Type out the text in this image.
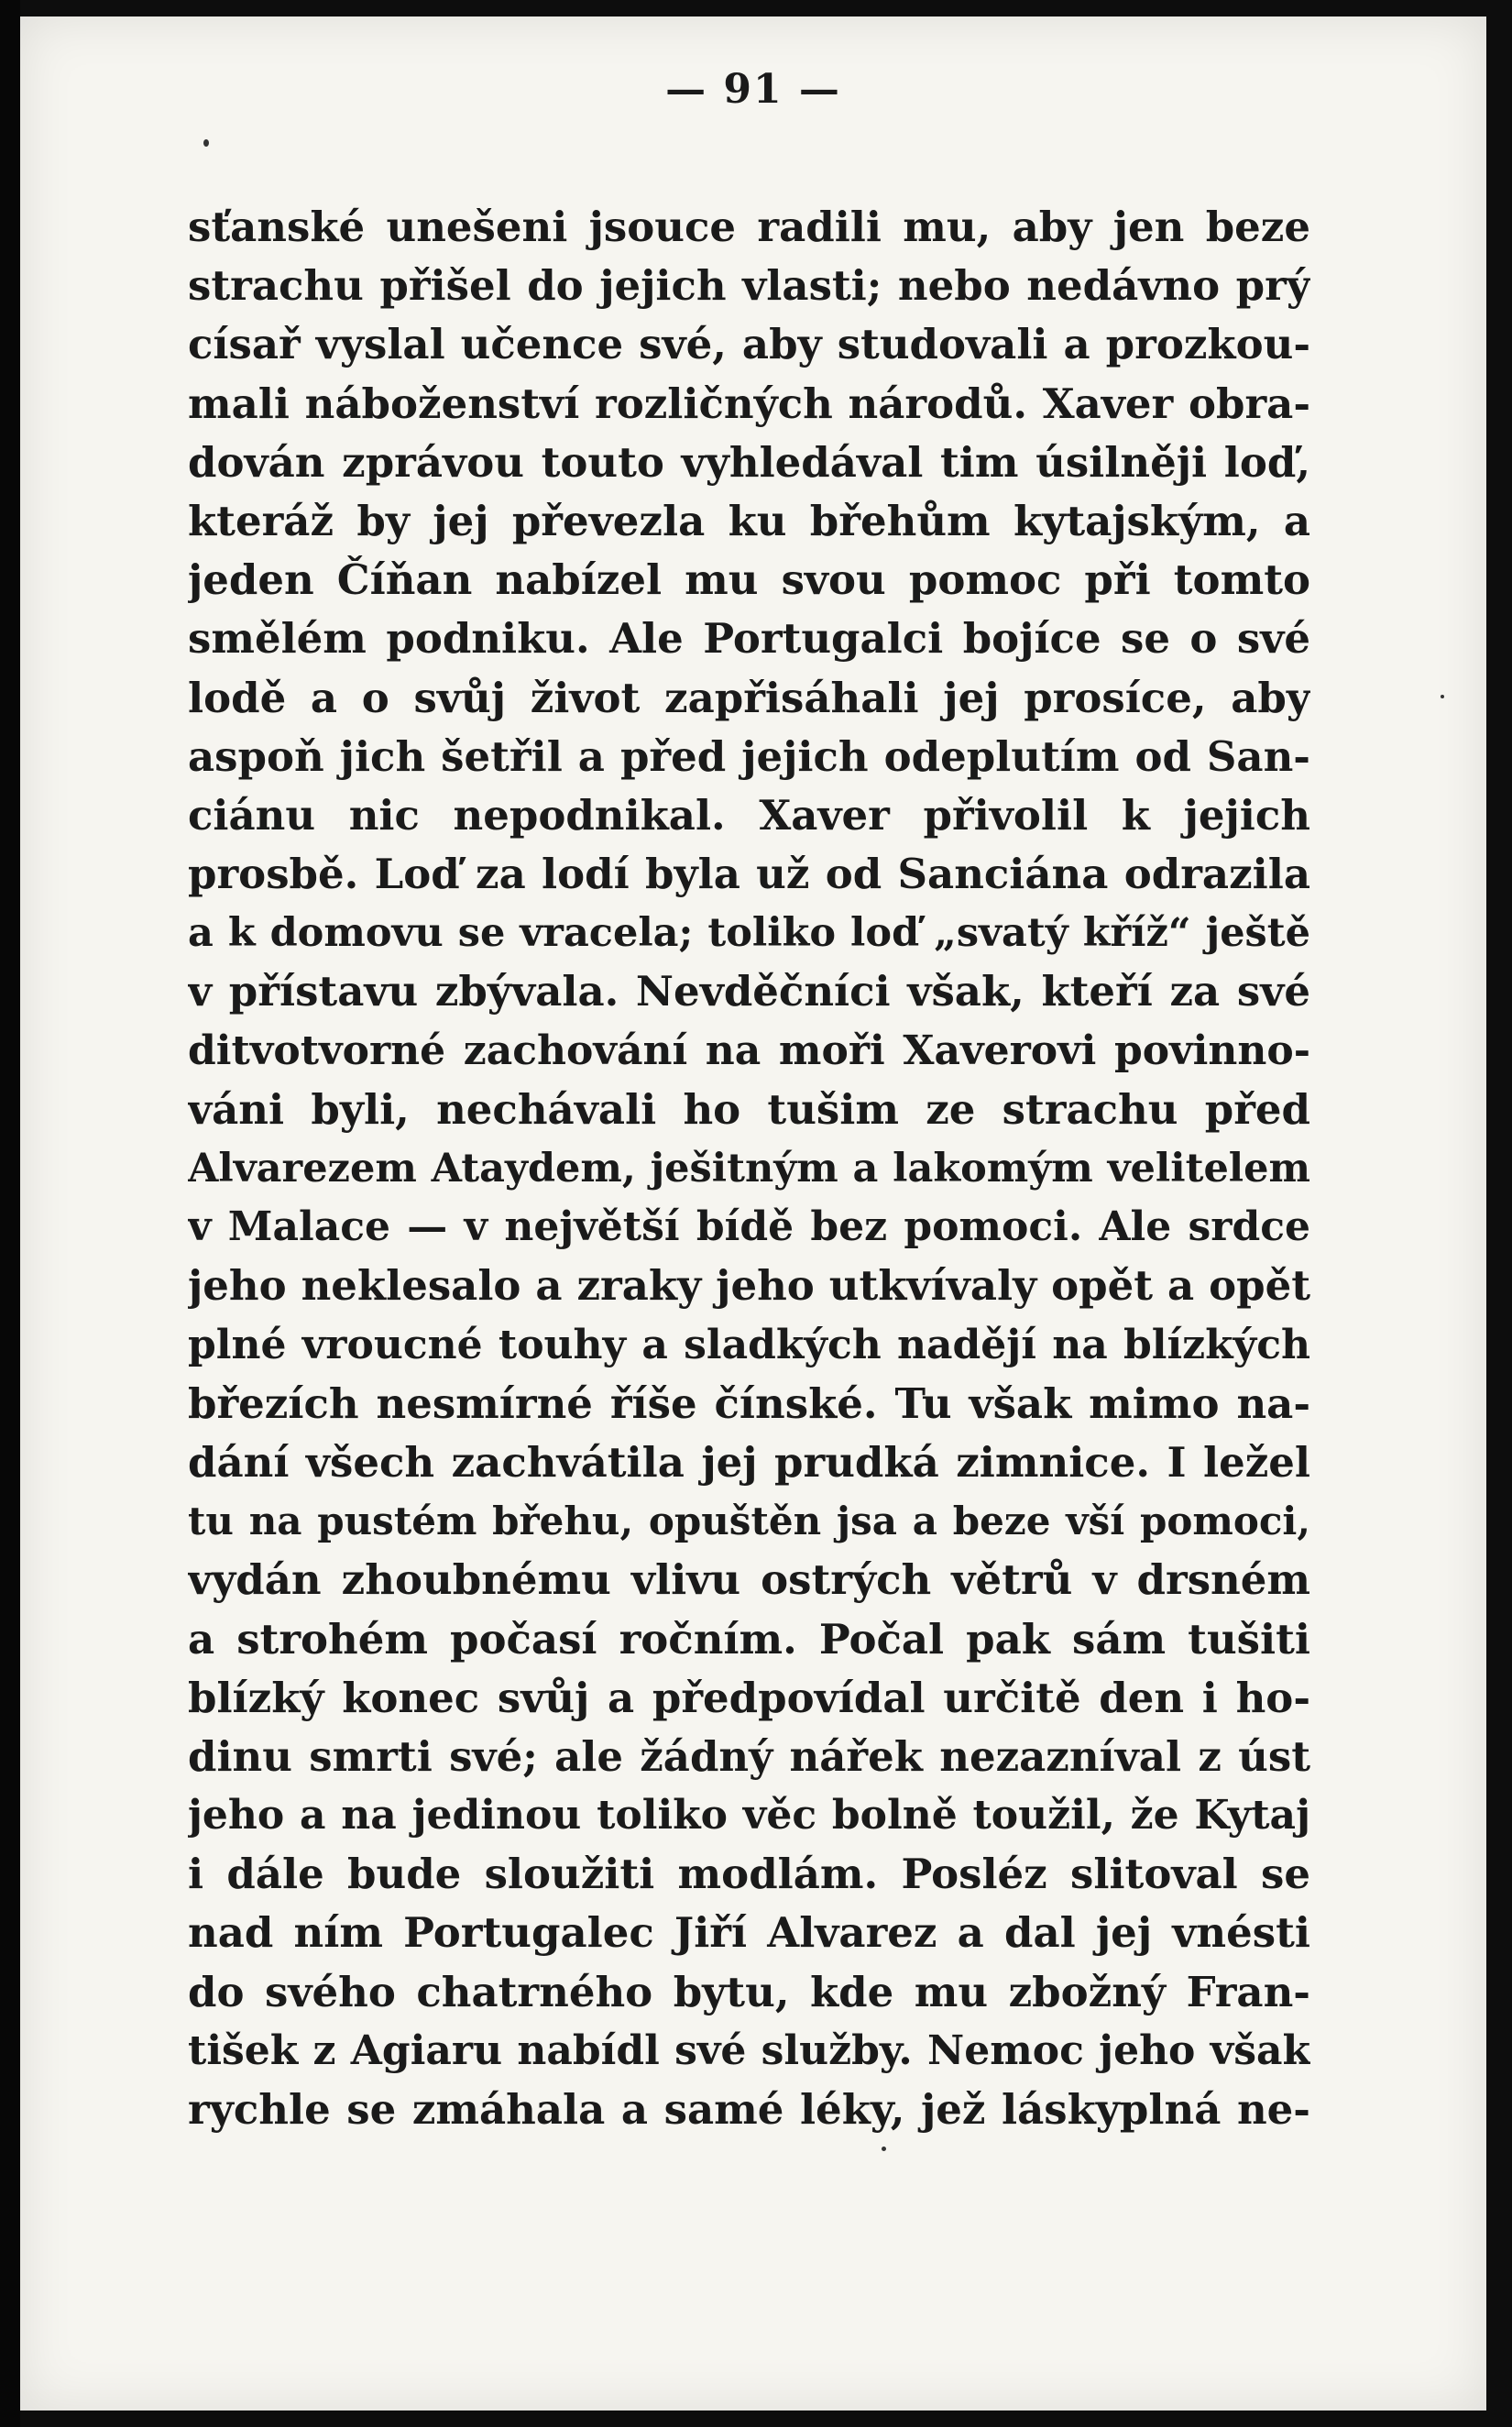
— 91 —
sťanské unešeni jsouce radili mu, aby jen beze
strachu přišel do jejich vlasti; nebo nedávno prý
císař vyslal učence své, aby studovali a prozkou-
mali náboženství rozličných národů. Xaver obra-
dován zprávou touto vyhledával tim úsilněji loď,
kteráž by jej převezla ku břehům kytajským, a
jeden Číňan nabízel mu svou pomoc při tomto
smělém podniku. Ale Portugalci bojíce se o své
lodě a o svůj život zapřisáhali jej prosíce, aby
aspoň jich šetřil a před jejich odeplutím od San-
ciánu nic nepodnikal. Xaver přivolil k jejich
prosbě. Loď za lodí byla už od Sanciána odrazila
a k domovu se vracela; toliko loď „svatý kříž“ ještě
v přístavu zbývala. Nevděčníci však, kteří za své
ditvotvorné zachování na moři Xaverovi povinno-
váni byli, nechávali ho tušim ze strachu před
Alvarezem Ataydem, ješitným a lakomým velitelem
v Malace — v největší bídě bez pomoci. Ale srdce
jeho neklesalo a zraky jeho utkvívaly opět a opět
plné vroucné touhy a sladkých nadějí na blízkých
březích nesmírné říše čínské. Tu však mimo na-
dání všech zachvátila jej prudká zimnice. I ležel
tu na pustém břehu, opuštěn jsa a beze vší pomoci,
vydán zhoubnému vlivu ostrých větrů v drsném
a strohém počasí ročním. Počal pak sám tušiti
blízký konec svůj a předpovídal určitě den i ho-
dinu smrti své; ale žádný nářek nezazníval z úst
jeho a na jedinou toliko věc bolně toužil, že Kytaj
i dále bude sloužiti modlám. Posléz slitoval se
nad ním Portugalec Jiří Alvarez a dal jej vnésti
do svého chatrného bytu, kde mu zbožný Fran-
tišek z Agiaru nabídl své služby. Nemoc jeho však
rychle se zmáhala a samé léky, jež láskyplná ne-
